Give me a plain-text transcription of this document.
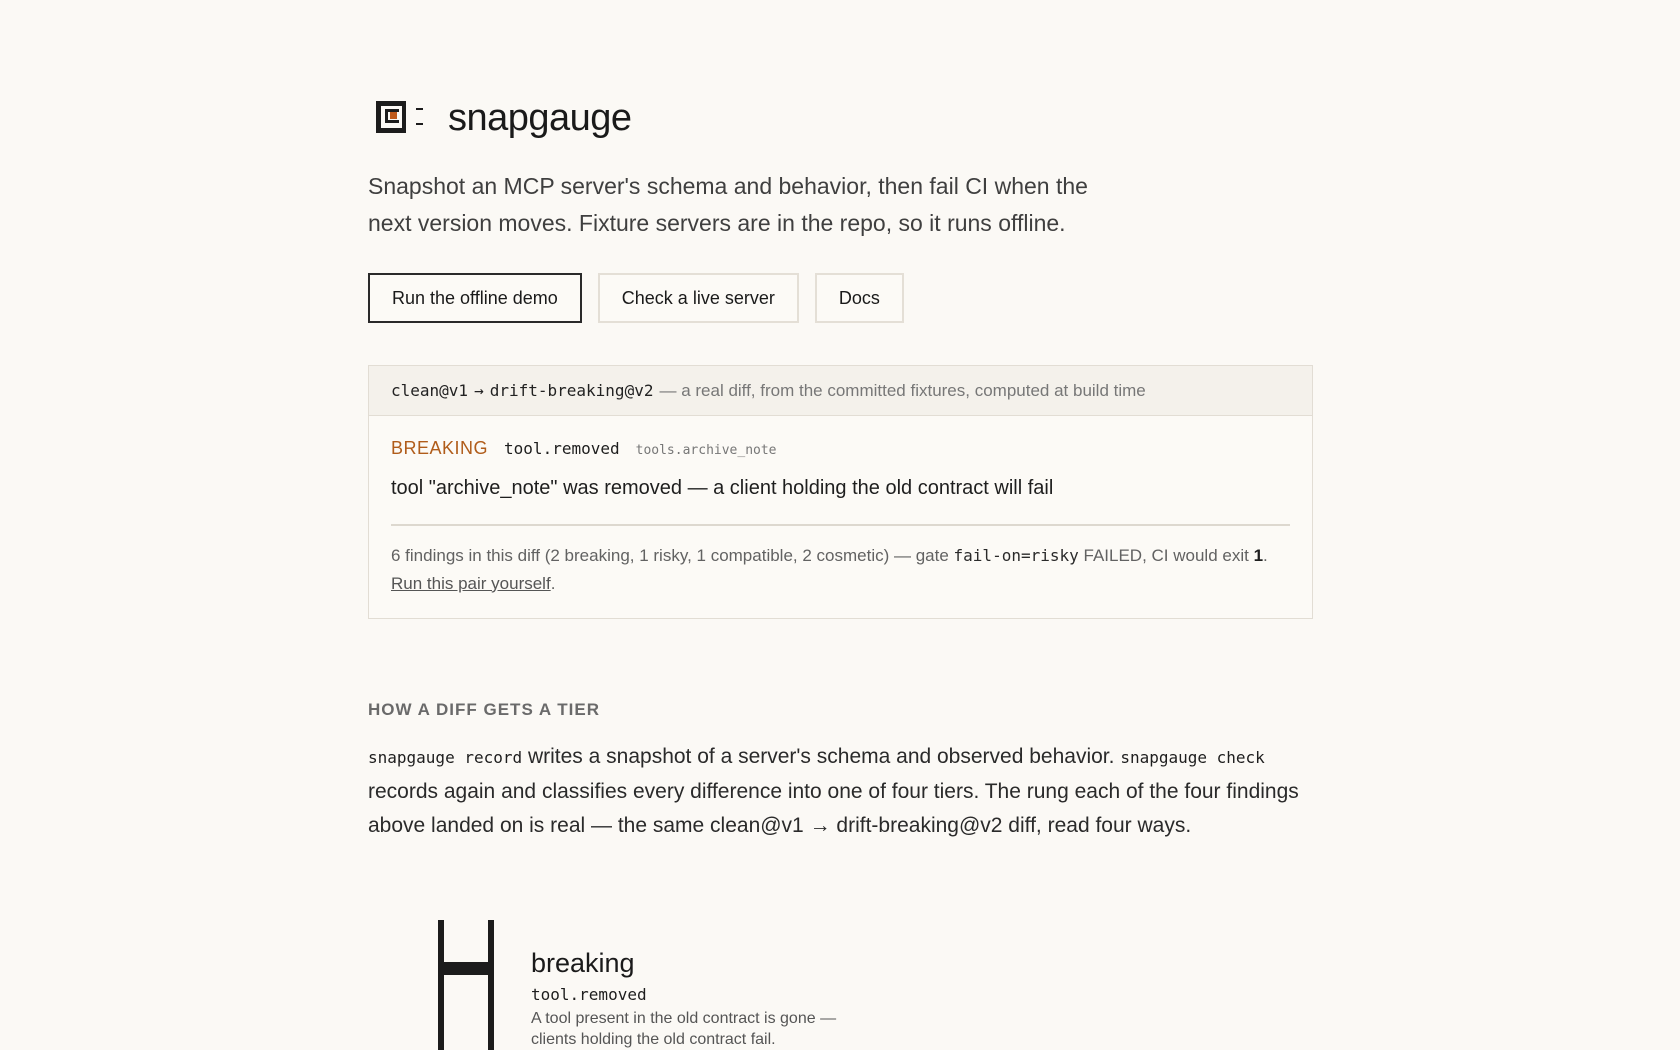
snapgauge

Snapshot an MCP server's schema and behavior, then fail CI when the next version moves. Fixture servers are in the repo, so it runs offline.

Run the offline demo	Check a live server	Docs
clean@v1 → drift-breaking@v2 — a real diff, from the committed fixtures, computed at build time
BREAKING tool.removed tools.archive_note

tool "archive_note" was removed — a client holding the old contract will fail

6 findings in this diff (2 breaking, 1 risky, 1 compatible, 2 cosmetic) — gate fail-on=risky FAILED, CI would exit 1. Run this pair yourself.

HOW A DIFF GETS A TIER

snapgauge record writes a snapshot of a server's schema and observed behavior. snapgauge check records again and classifies every difference into one of four tiers. The rung each of the four findings above landed on is real — the same clean@v1 → drift-breaking@v2 diff, read four ways.

breaking
tool.removed
A tool present in the old contract is gone — clients holding the old contract fail.
